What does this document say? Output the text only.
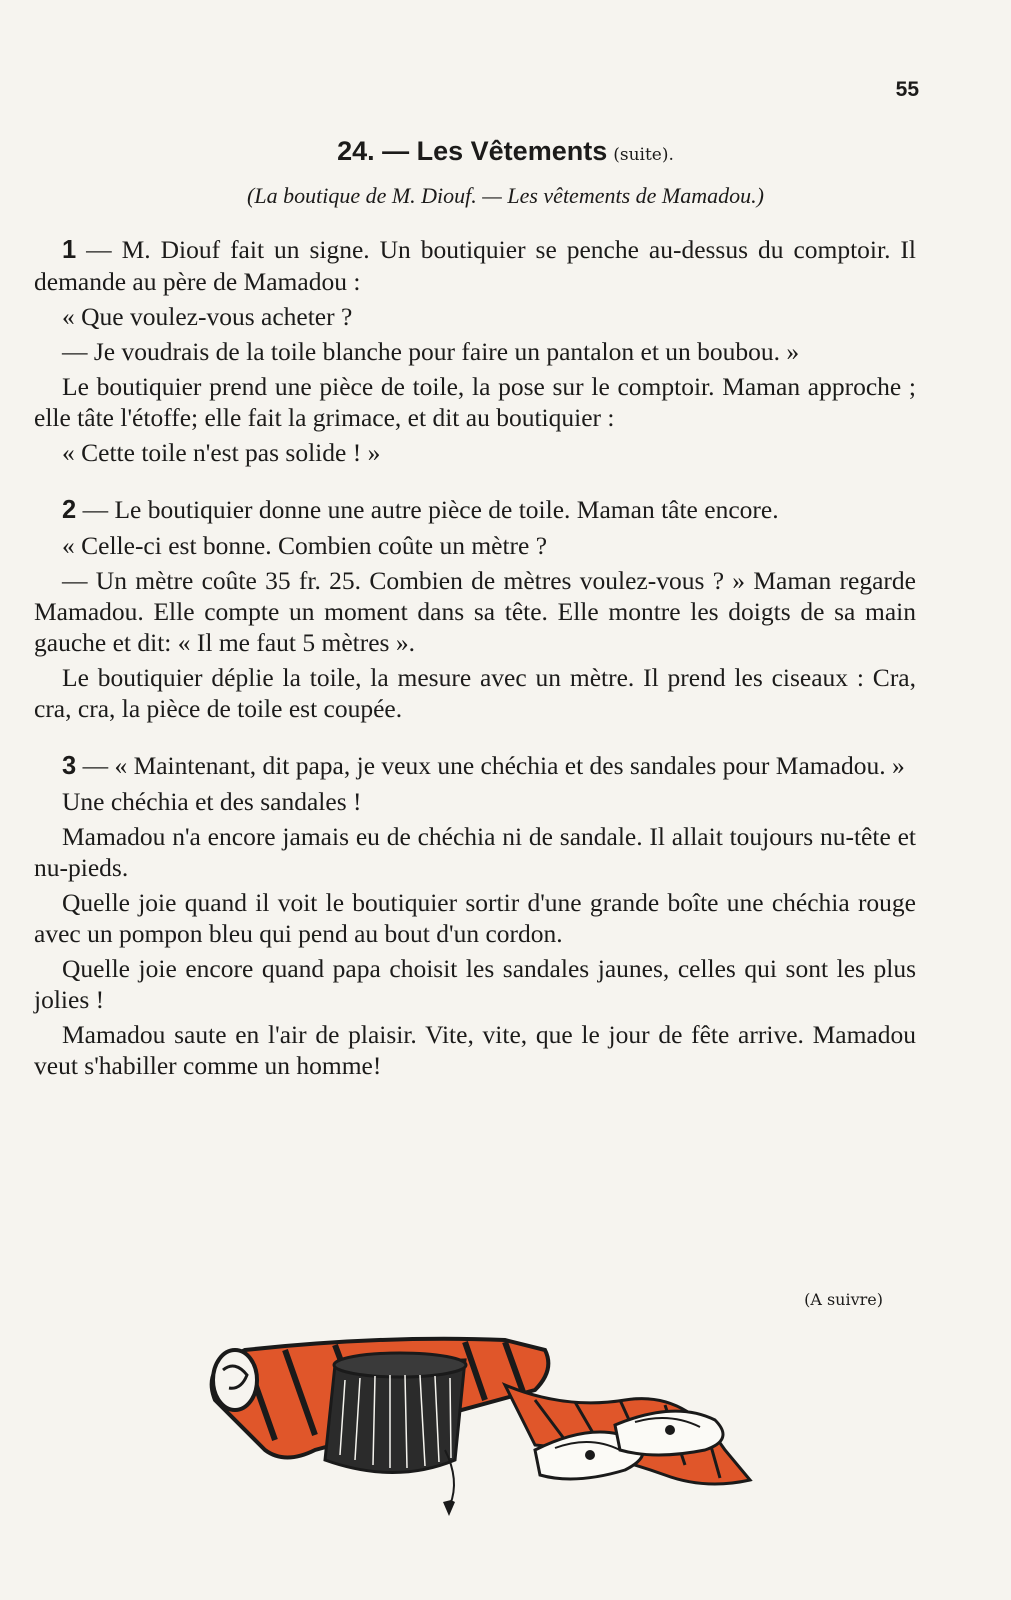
55
24. — Les Vêtements (suite).
(La boutique de M. Diouf. — Les vêtements de Mamadou.)

1 — M. Diouf fait un signe. Un boutiquier se penche au-dessus du comptoir. Il demande au père de Mamadou :

« Que voulez-vous acheter ?

— Je voudrais de la toile blanche pour faire un pantalon et un boubou. »

Le boutiquier prend une pièce de toile, la pose sur le comptoir. Maman approche ; elle tâte l'étoffe; elle fait la grimace, et dit au boutiquier :

« Cette toile n'est pas solide ! »

2 — Le boutiquier donne une autre pièce de toile. Maman tâte encore.

« Celle-ci est bonne. Combien coûte un mètre ?

— Un mètre coûte 35 fr. 25. Combien de mètres voulez-vous ? » Maman regarde Mamadou. Elle compte un moment dans sa tête. Elle montre les doigts de sa main gauche et dit: « Il me faut 5 mètres ».

Le boutiquier déplie la toile, la mesure avec un mètre. Il prend les ciseaux : Cra, cra, cra, la pièce de toile est coupée.

3 — « Maintenant, dit papa, je veux une chéchia et des sandales pour Mamadou. »

Une chéchia et des sandales !

Mamadou n'a encore jamais eu de chéchia ni de sandale. Il allait toujours nu-tête et nu-pieds.

Quelle joie quand il voit le boutiquier sortir d'une grande boîte une chéchia rouge avec un pompon bleu qui pend au bout d'un cordon.

Quelle joie encore quand papa choisit les sandales jaunes, celles qui sont les plus jolies !

Mamadou saute en l'air de plaisir. Vite, vite, que le jour de fête arrive. Mamadou veut s'habiller comme un homme!

(A suivre)
